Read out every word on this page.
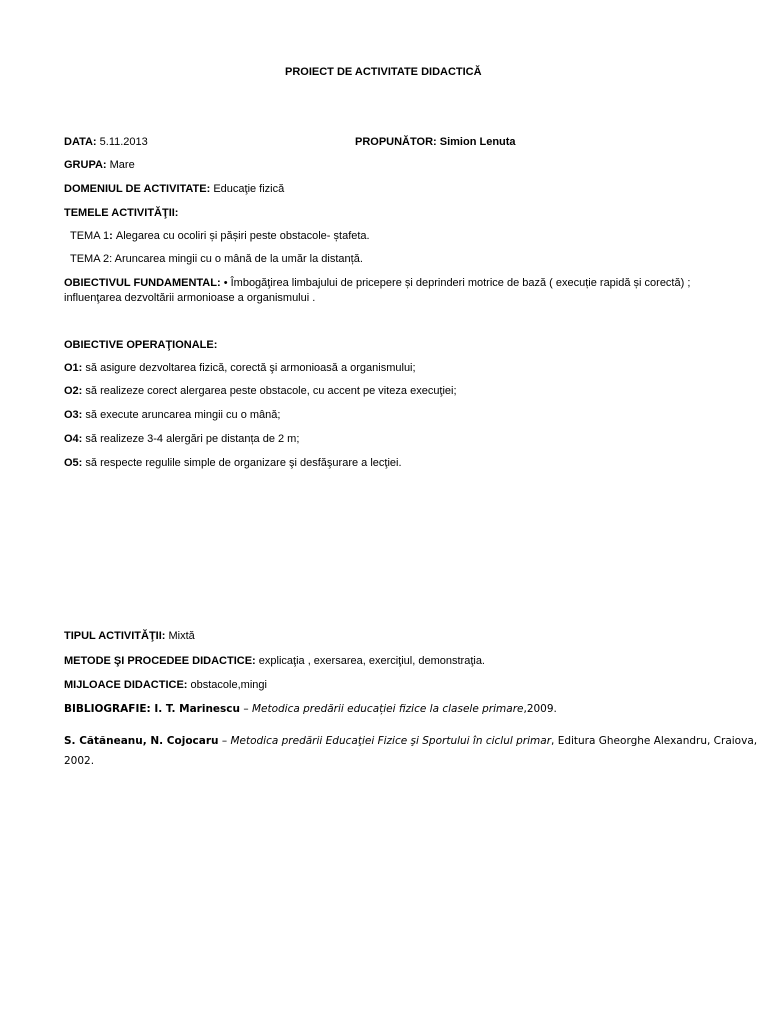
PROIECT DE ACTIVITATE DIDACTICĂ
DATA: 5.11.2013	PROPUNĂTOR: Simion Lenuta
GRUPA: Mare
DOMENIUL DE ACTIVITATE: Educaţie fizică
TEMELE ACTIVITĂŢII:
TEMA 1: Alegarea cu ocoliri și pășiri peste obstacole- ștafeta.
TEMA 2: Aruncarea mingii cu o mână de la umăr la distanță.
OBIECTIVUL FUNDAMENTAL: • Îmbogăţirea limbajului de pricepere și deprinderi motrice de bază ( execuție rapidă și corectă) ;
influenţarea dezvoltării armonioase a organismului .
OBIECTIVE OPERAŢIONALE:
O1: să asigure dezvoltarea fizică, corectă şi armonioasă a organismului;
O2: să realizeze corect alergarea peste obstacole, cu accent pe viteza execuţiei;
O3: să execute aruncarea mingii cu o mână;
O4: să realizeze 3-4 alergări pe distanța de 2 m;
O5: să respecte regulile simple de organizare şi desfăşurare a lecţiei.
TIPUL ACTIVITĂŢII: Mixtă
METODE ŞI PROCEDEE DIDACTICE: explicaţia , exersarea, exerciţiul, demonstraţia.
MIJLOACE DIDACTICE: obstacole,mingi
BIBLIOGRAFIE: I. T. Marinescu – Metodica predării educației fizice la clasele primare,2009.
S. Cătăneanu, N. Cojocaru – Metodica predării Educaţiei Fizice şi Sportului în ciclul primar, Editura Gheorghe Alexandru, Craiova,
2002.
